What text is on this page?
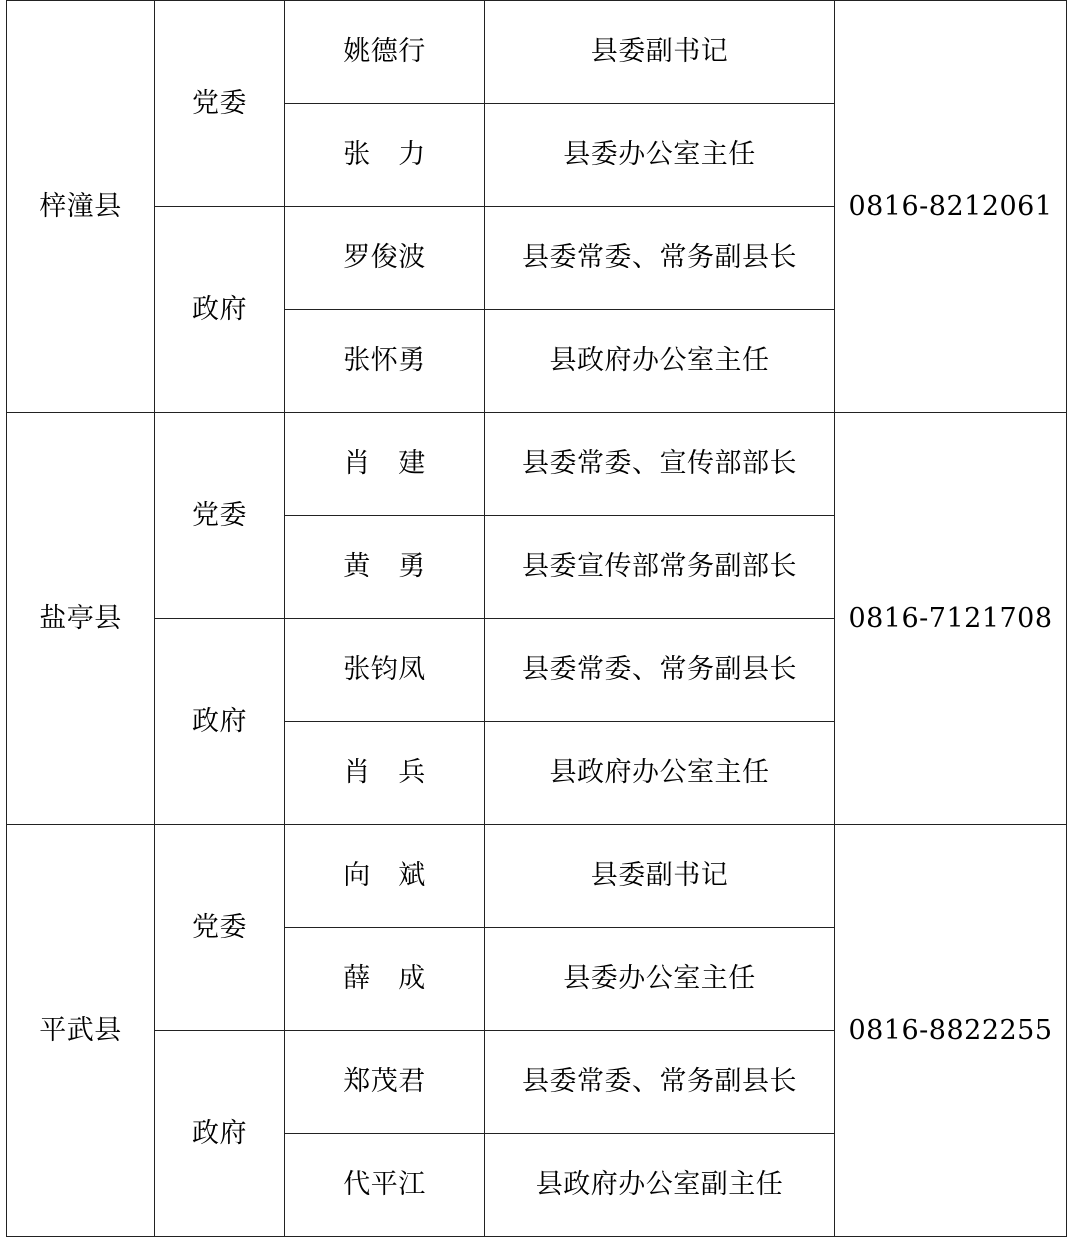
梓潼县	党委	姚德行	县委副书记	0816-8212061
		张　力	县委办公室主任	
	政府	罗俊波	县委常委、常务副县长	
		张怀勇	县政府办公室主任	
盐亭县	党委	肖　建	县委常委、宣传部部长	0816-7121708
		黄　勇	县委宣传部常务副部长	
	政府	张钧凤	县委常委、常务副县长	
		肖　兵	县政府办公室主任	
平武县	党委	向　斌	县委副书记	0816-8822255
		薛　成	县委办公室主任	
	政府	郑茂君	县委常委、常务副县长	
		代平江	县政府办公室副主任	
